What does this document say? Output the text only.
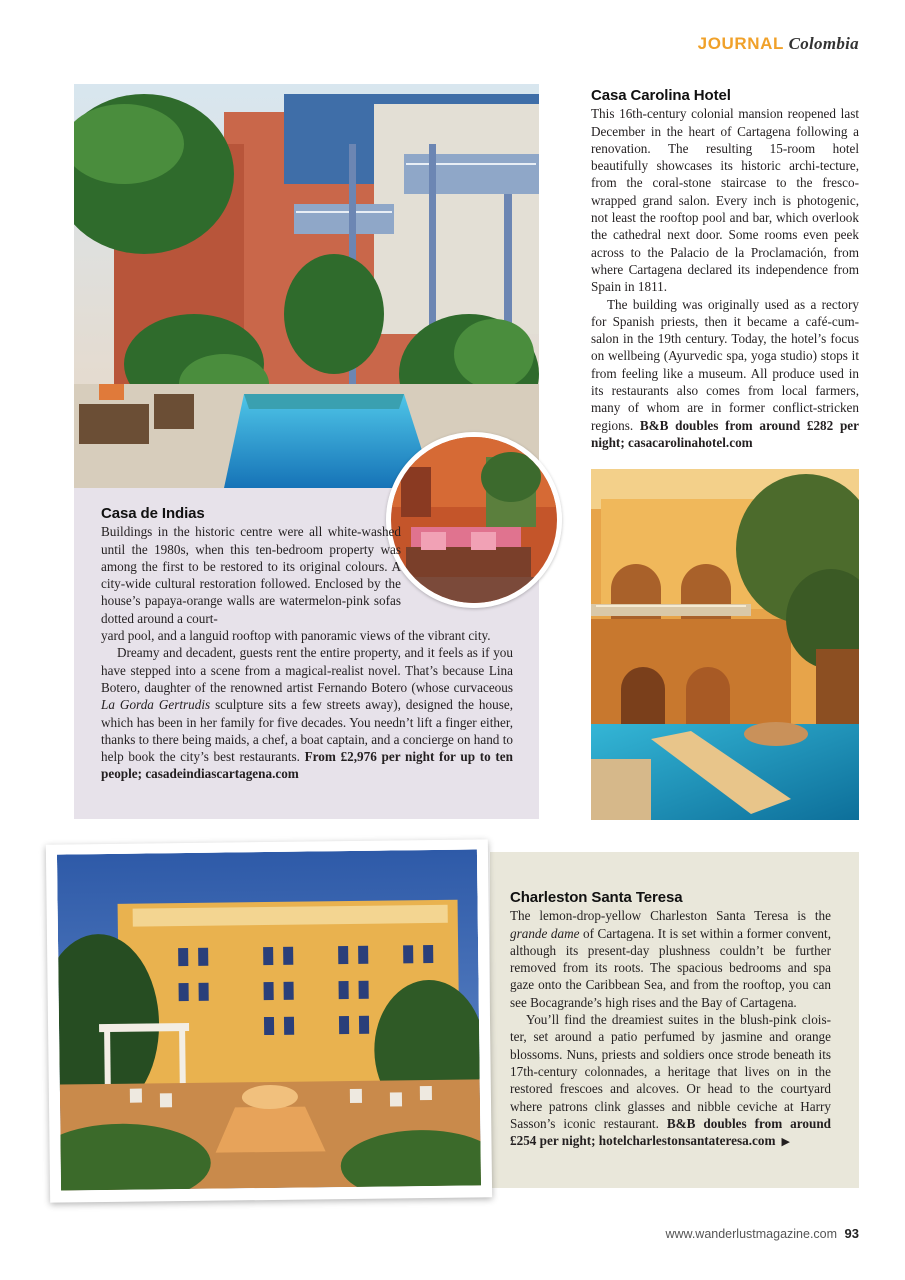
JOURNAL Colombia
Casa de Indias

Buildings in the historic centre were all white-washed until the 1980s, when this ten-bedroom property was among the first to be restored to its original colours. A city-wide cultural restoration followed. Enclosed by the house’s papaya-orange walls are watermelon-pink sofas dotted around a court-
yard pool, and a languid rooftop with panoramic views of the vibrant city.

Dreamy and decadent, guests rent the entire property, and it feels as if you have stepped into a scene from a magical-realist novel. That’s because Lina Botero, daughter of the renowned artist Fernando Botero (whose curvaceous La Gorda Gertrudis sculpture sits a few streets away), designed the house, which has been in her family for five decades. You needn’t lift a finger either, thanks to there being maids, a chef, a boat captain, and a concierge on hand to help book the city’s best restaurants. From £2,976 per night for up to ten people; casadeindiascartagena.com

Casa Carolina Hotel

This 16th-century colonial mansion reopened last December in the heart of Cartagena following a renovation. The resulting 15-room hotel beautifully showcases its historic archi-tecture, from the coral-stone staircase to the fresco-wrapped grand salon. Every inch is photogenic, not least the rooftop pool and bar, which overlook the cathedral next door. Some rooms even peek across to the Palacio de la Proclamación, from where Cartagena declared its independence from Spain in 1811.

The building was originally used as a rectory for Spanish priests, then it became a café-cum-salon in the 19th century. Today, the hotel’s focus on wellbeing (Ayurvedic spa, yoga studio) stops it from feeling like a museum. All produce used in its restaurants also comes from local farmers, many of whom are in former conflict-stricken regions. B&B doubles from around £282 per night; casacarolinahotel.com

Charleston Santa Teresa

The lemon-drop-yellow Charleston Santa Teresa is the grande dame of Cartagena. It is set within a former convent, although its present-day plushness couldn’t be further removed from its roots. The spacious bedrooms and spa gaze onto the Caribbean Sea, and from the rooftop, you can see Bocagrande’s high rises and the Bay of Cartagena.

You’ll find the dreamiest suites in the blush-pink clois-ter, set around a patio perfumed by jasmine and orange blossoms. Nuns, priests and soldiers once strode beneath its 17th-century colonnades, a heritage that lives on in the restored frescoes and alcoves. Or head to the courtyard where patrons clink glasses and nibble ceviche at Harry Sasson’s iconic restaurant. B&B doubles from around £254 per night; hotelcharlestonsantateresa.com ▶

www.wanderlustmagazine.com 93
